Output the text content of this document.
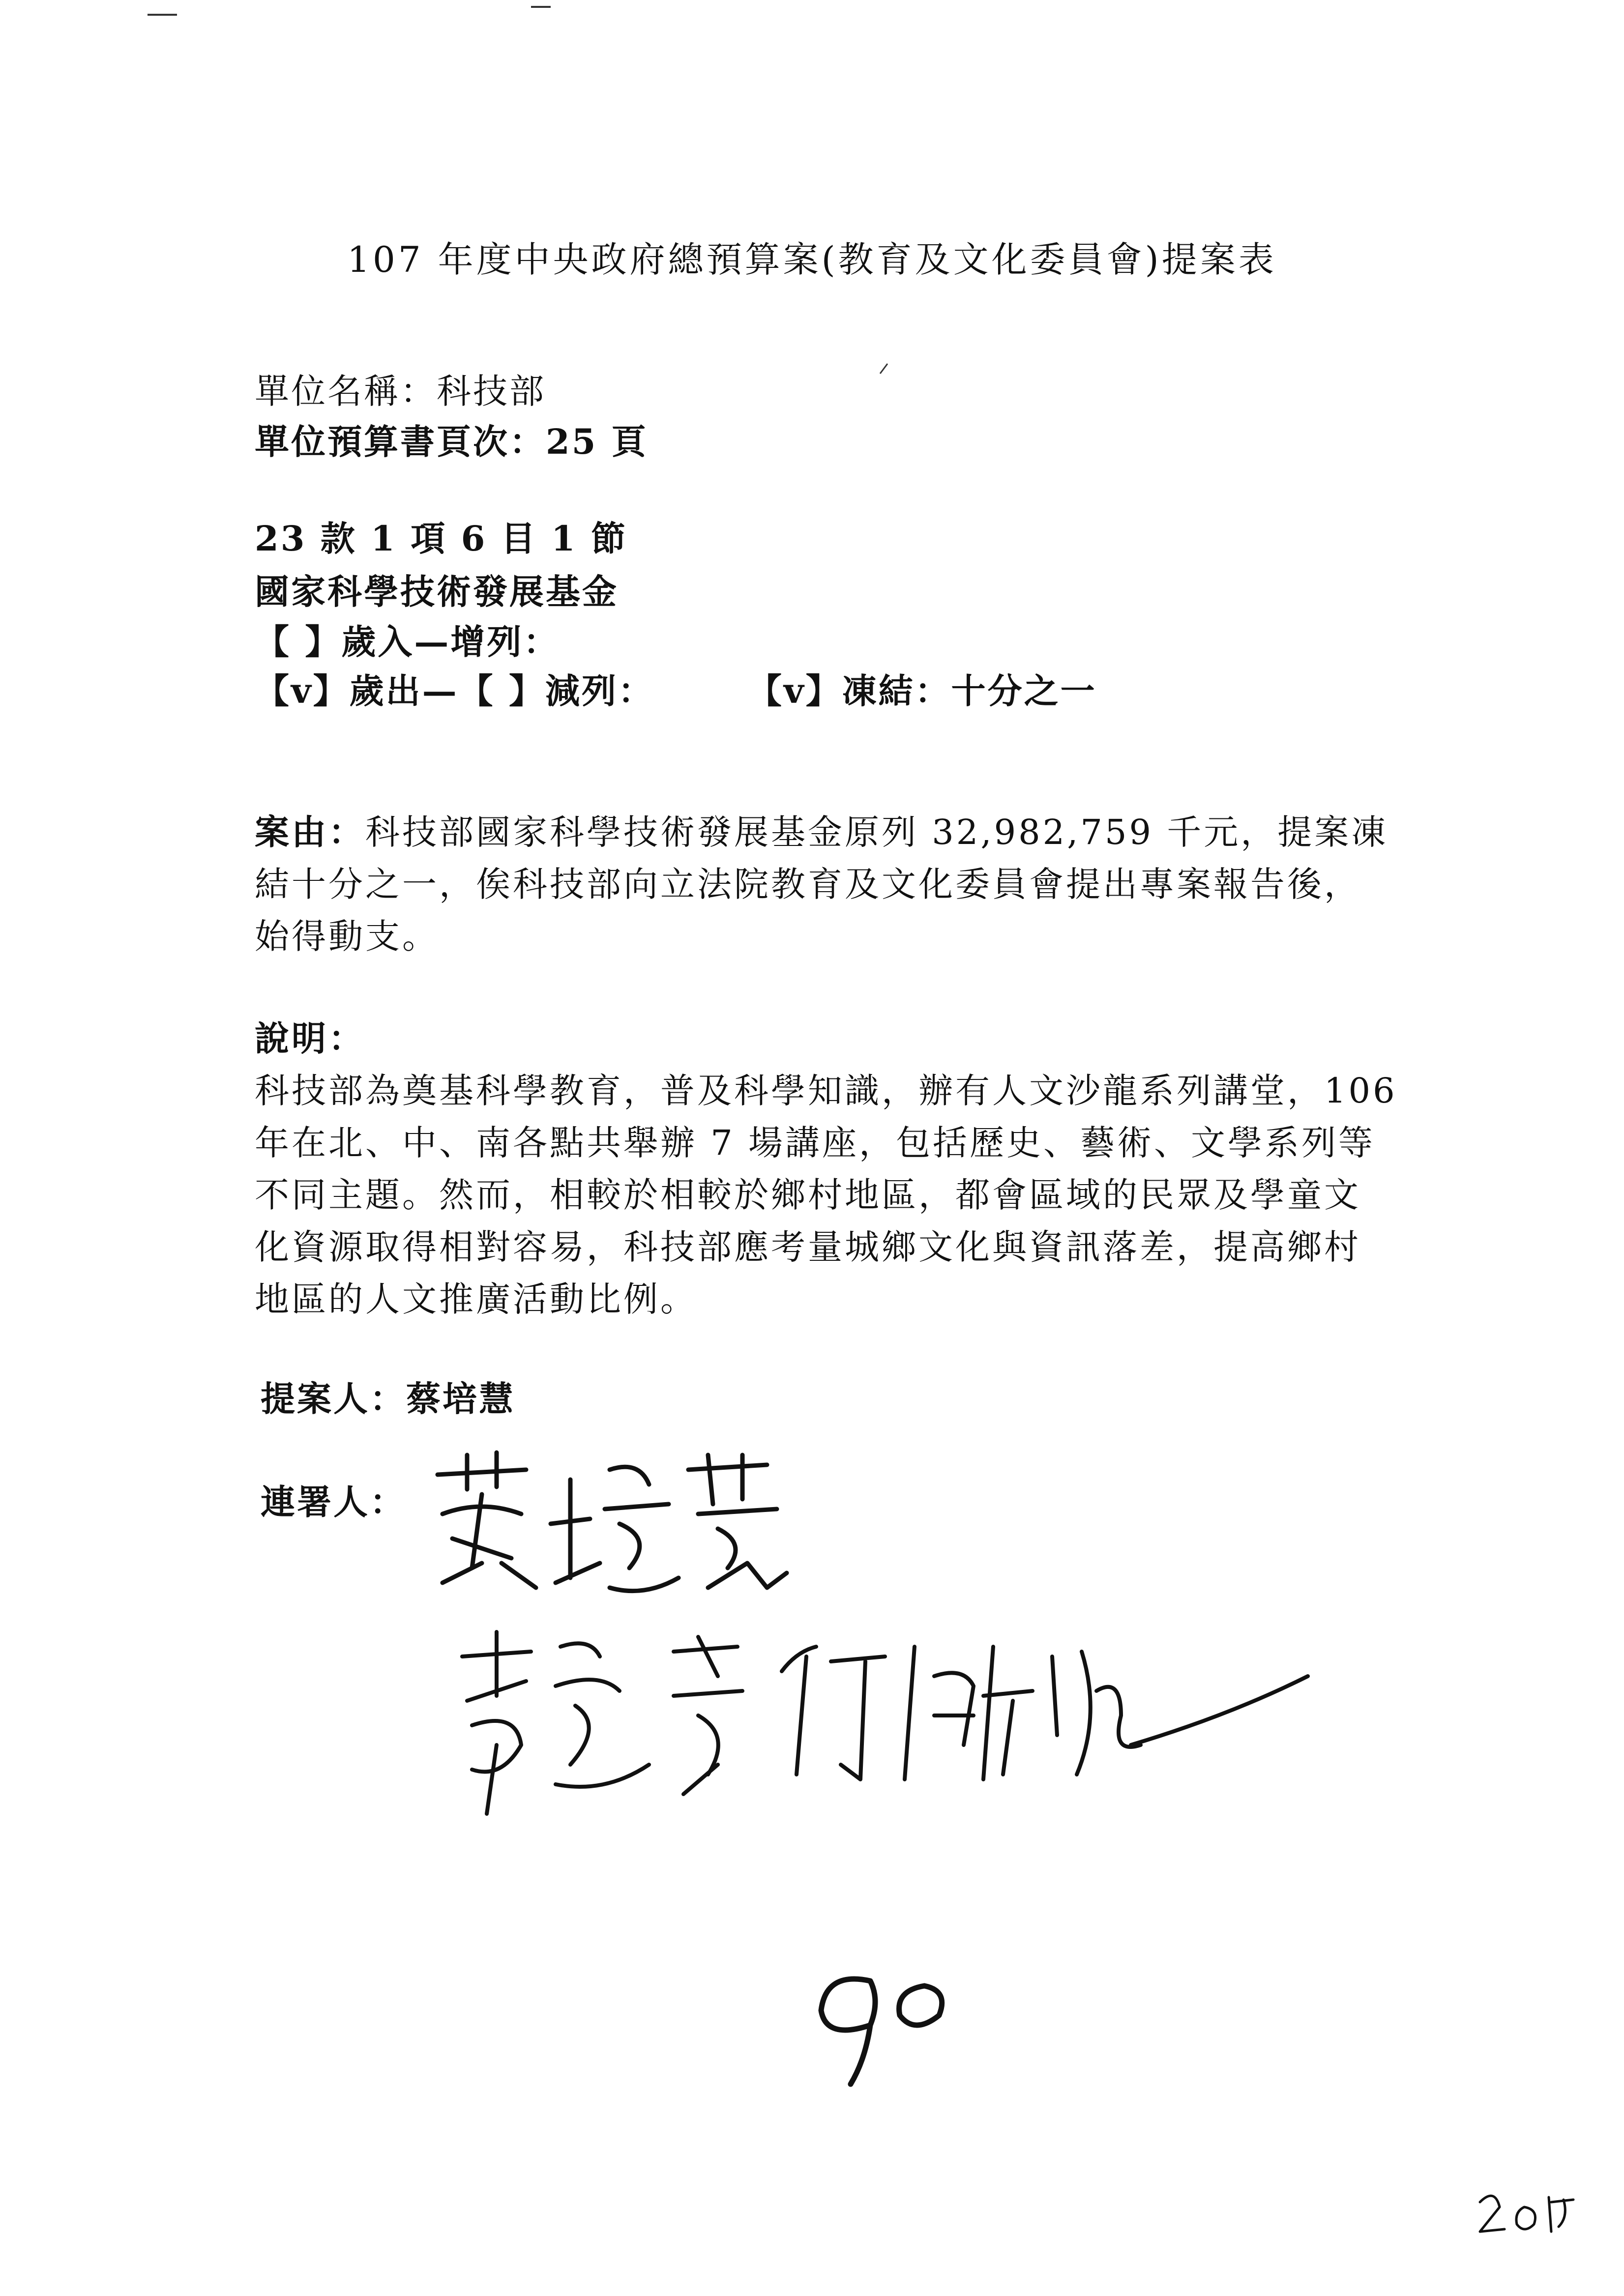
107 年度中央政府總預算案(教育及文化委員會)提案表
單位名稱：科技部
單位預算書頁次：25 頁
23 款 1 項 6 目 1 節
國家科學技術發展基金
【 】歲入—增列：
【v】歲出—【 】減列：	【v】凍結：十分之一
案由：科技部國家科學技術發展基金原列 32,982,759 千元，提案凍
結十分之一，俟科技部向立法院教育及文化委員會提出專案報告後，
始得動支。
說明：
科技部為奠基科學教育，普及科學知識，辦有人文沙龍系列講堂，106
年在北、中、南各點共舉辦 7 場講座，包括歷史、藝術、文學系列等
不同主題。然而，相較於相較於鄉村地區，都會區域的民眾及學童文
化資源取得相對容易，科技部應考量城鄉文化與資訊落差，提高鄉村
地區的人文推廣活動比例。
提案人：蔡培慧
連署人：
